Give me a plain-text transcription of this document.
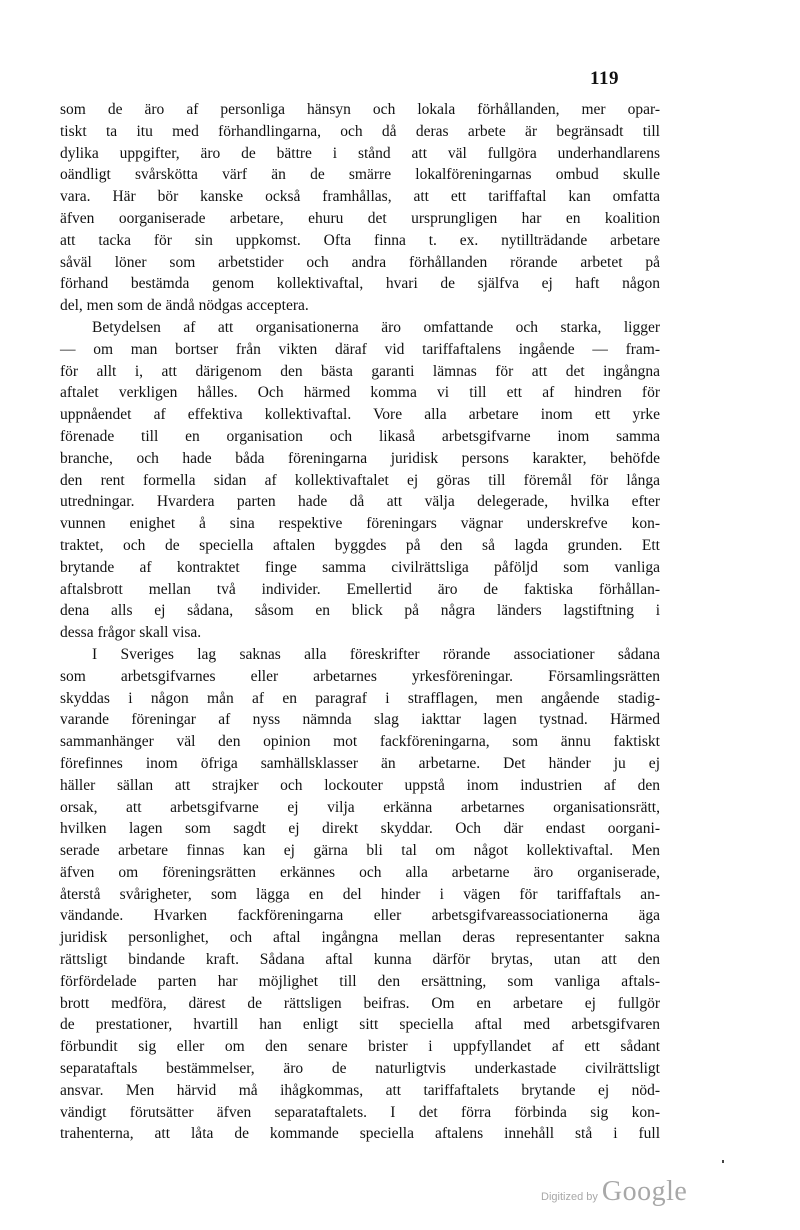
119
som de äro af personliga hänsyn och lokala förhållanden, mer opar-
tiskt ta itu med förhandlingarna, och då deras arbete är begränsadt till
dylika uppgifter, äro de bättre i stånd att väl fullgöra underhandlarens
oändligt svårskötta värf än de smärre lokalföreningarnas ombud skulle
vara. Här bör kanske också framhållas, att ett tariffaftal kan omfatta
äfven oorganiserade arbetare, ehuru det ursprungligen har en koalition
att tacka för sin uppkomst. Ofta finna t. ex. nytillträdande arbetare
såväl löner som arbetstider och andra förhållanden rörande arbetet på
förhand bestämda genom kollektivaftal, hvari de själfva ej haft någon
del, men som de ändå nödgas acceptera.
Betydelsen af att organisationerna äro omfattande och starka, ligger
— om man bortser från vikten däraf vid tariffaftalens ingående — fram-
för allt i, att därigenom den bästa garanti lämnas för att det ingångna
aftalet verkligen hålles. Och härmed komma vi till ett af hindren för
uppnåendet af effektiva kollektivaftal. Vore alla arbetare inom ett yrke
förenade till en organisation och likaså arbetsgifvarne inom samma
branche, och hade båda föreningarna juridisk persons karakter, behöfde
den rent formella sidan af kollektivaftalet ej göras till föremål för långa
utredningar. Hvardera parten hade då att välja delegerade, hvilka efter
vunnen enighet å sina respektive föreningars vägnar underskrefve kon-
traktet, och de speciella aftalen byggdes på den så lagda grunden. Ett
brytande af kontraktet finge samma civilrättsliga påföljd som vanliga
aftalsbrott mellan två individer. Emellertid äro de faktiska förhållan-
dena alls ej sådana, såsom en blick på några länders lagstiftning i
dessa frågor skall visa.
I Sveriges lag saknas alla föreskrifter rörande associationer sådana
som arbetsgifvarnes eller arbetarnes yrkesföreningar. Församlingsrätten
skyddas i någon mån af en paragraf i strafflagen, men angående stadig-
varande föreningar af nyss nämnda slag iakttar lagen tystnad. Härmed
sammanhänger väl den opinion mot fackföreningarna, som ännu faktiskt
förefinnes inom öfriga samhällsklasser än arbetarne. Det händer ju ej
häller sällan att strajker och lockouter uppstå inom industrien af den
orsak, att arbetsgifvarne ej vilja erkänna arbetarnes organisationsrätt,
hvilken lagen som sagdt ej direkt skyddar. Och där endast oorgani-
serade arbetare finnas kan ej gärna bli tal om något kollektivaftal. Men
äfven om föreningsrätten erkännes och alla arbetarne äro organiserade,
återstå svårigheter, som lägga en del hinder i vägen för tariffaftals an-
vändande. Hvarken fackföreningarna eller arbetsgifvareassociationerna äga
juridisk personlighet, och aftal ingångna mellan deras representanter sakna
rättsligt bindande kraft. Sådana aftal kunna därför brytas, utan att den
förfördelade parten har möjlighet till den ersättning, som vanliga aftals-
brott medföra, därest de rättsligen beifras. Om en arbetare ej fullgör
de prestationer, hvartill han enligt sitt speciella aftal med arbetsgifvaren
förbundit sig eller om den senare brister i uppfyllandet af ett sådant
separataftals bestämmelser, äro de naturligtvis underkastade civilrättsligt
ansvar. Men härvid må ihågkommas, att tariffaftalets brytande ej nöd-
vändigt förutsätter äfven separataftalets. I det förra förbinda sig kon-
trahenterna, att låta de kommande speciella aftalens innehåll stå i full
Digitized by Google
